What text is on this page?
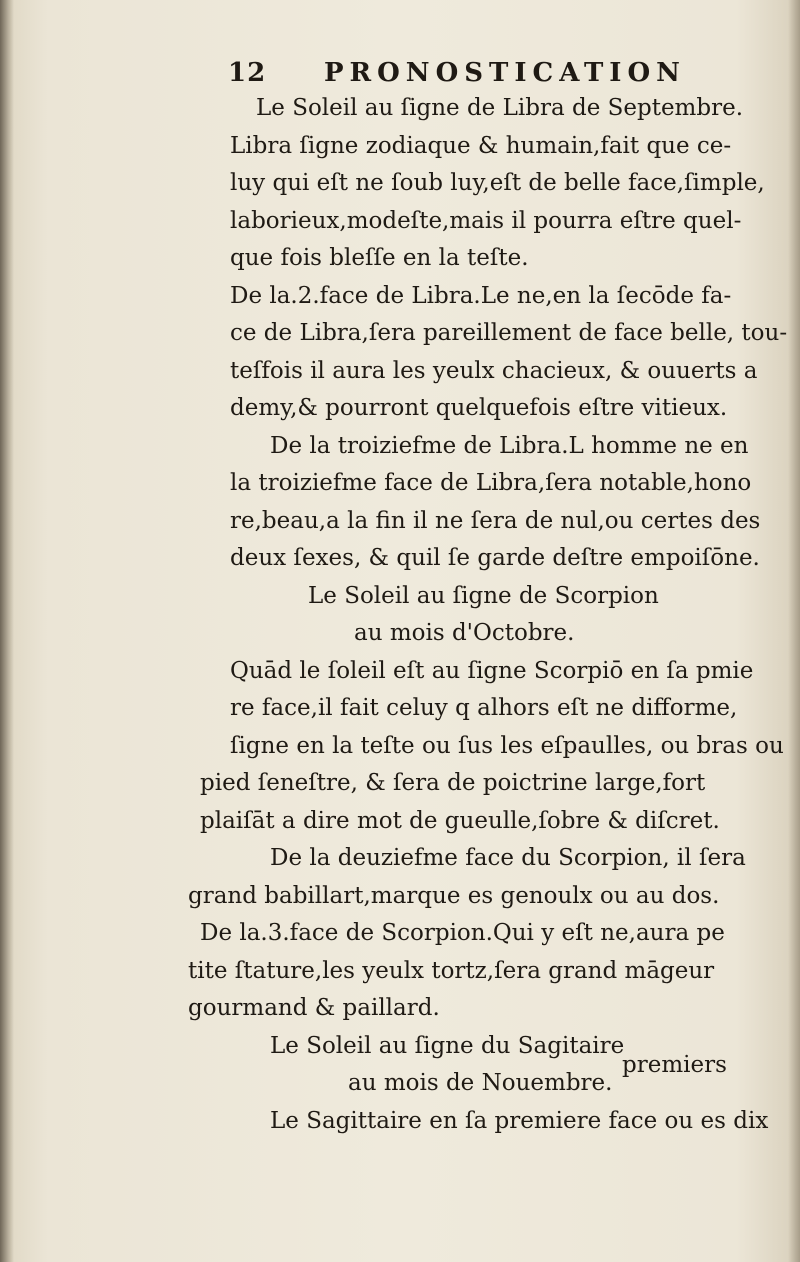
12 PRONOSTICATION
Le Soleil au ſigne de Libra de Septembre.
Libra ſigne zodiaque & humain,fait que ce-
luy qui eſt ne ſoub luy,eſt de belle face,ſimple,
laborieux,modeſte,mais il pourra eſtre quel-
que fois bleſſe en la teſte.
De la.2.face de Libra.Le ne,en la ſecōde fa-
ce de Libra,ſera pareillement de face belle, tou-
teſfois il aura les yeulx chacieux, & ouuerts a
demy,& pourront quelquefois eſtre vitieux.
De la troiziefme de Libra.L homme ne en
la troiziefme face de Libra,ſera notable,hono
re,beau,a la fin il ne ſera de nul,ou certes des
deux ſexes, & quil ſe garde deſtre empoiſōne.
Le Soleil au ſigne de Scorpion
au mois d'Octobre.
Quād le ſoleil eſt au ſigne Scorpiō en ſa pmie
re face,il fait celuy q alhors eſt ne difforme,
ſigne en la teſte ou ſus les eſpaulles, ou bras ou
pied ſeneſtre, & ſera de poictrine large,fort
plaiſāt a dire mot de gueulle,ſobre & diſcret.
De la deuziefme face du Scorpion, il ſera
grand babillart,marque es genoulx ou au dos.
De la.3.face de Scorpion.Qui y eſt ne,aura pe
tite ſtature,les yeulx tortz,ſera grand māgeur
gourmand & paillard.
Le Soleil au ſigne du Sagitaire
au mois de Nouembre.
Le Sagittaire en ſa premiere face ou es dix
premiers
